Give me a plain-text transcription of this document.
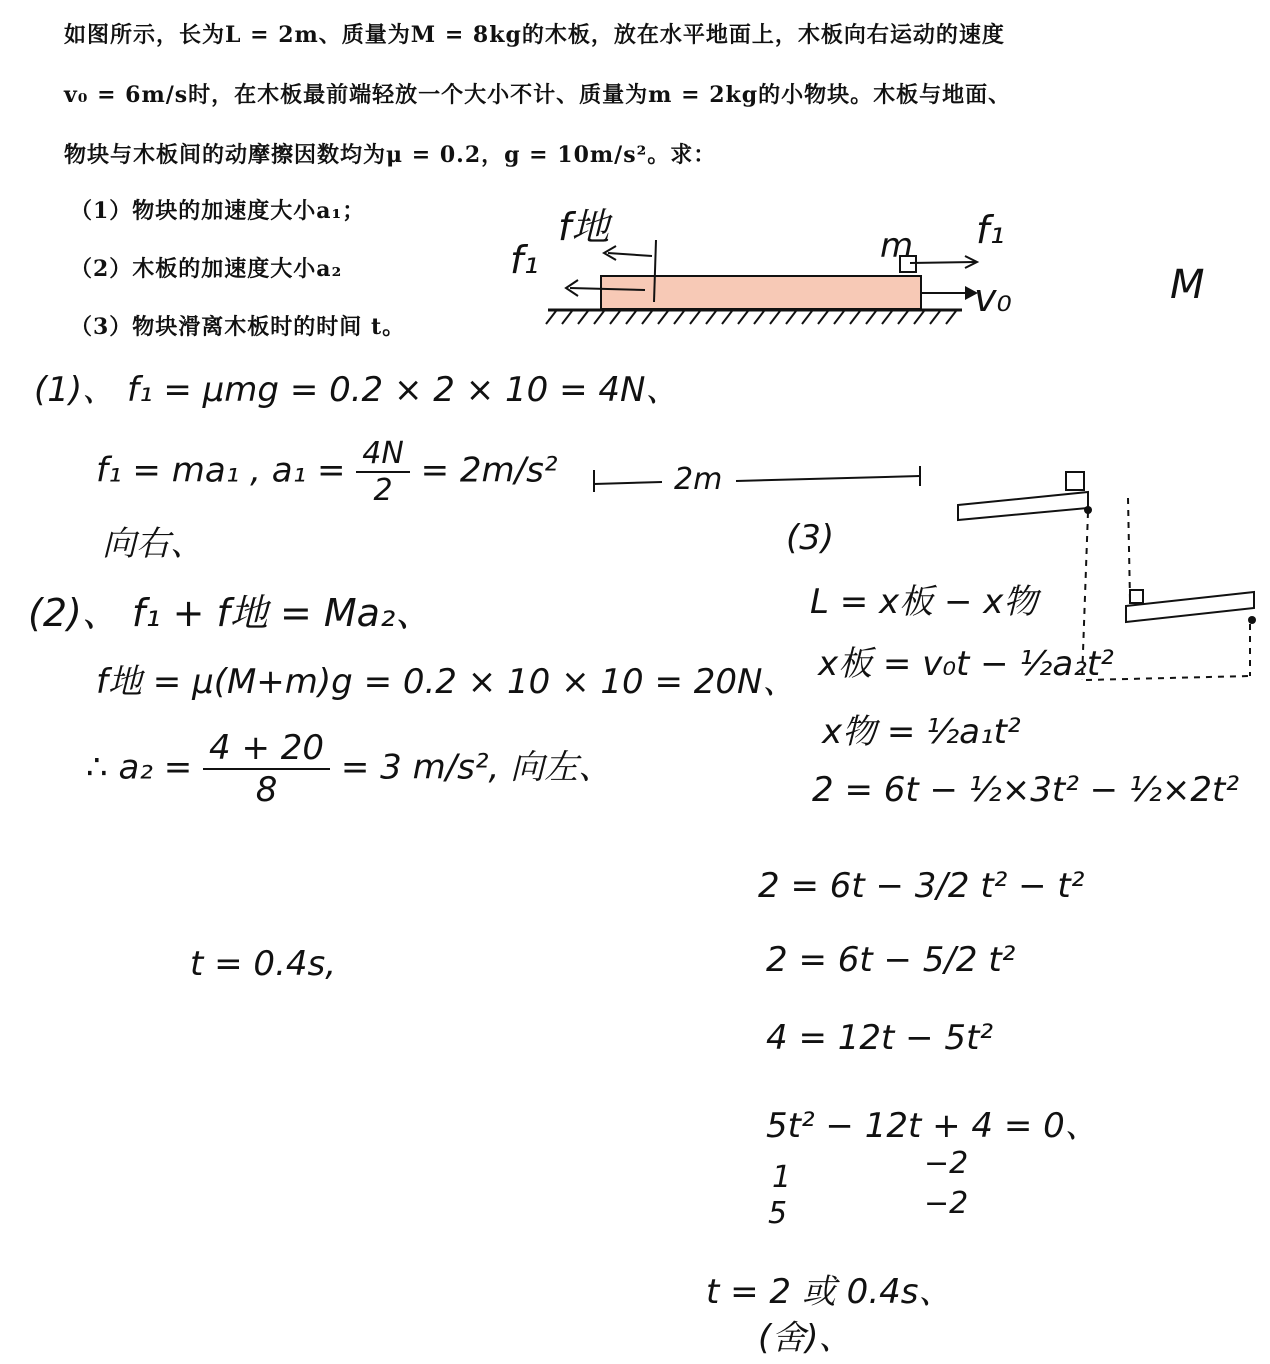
如图所示，长为L = 2m、质量为M = 8kg的木板，放在水平地面上，木板向右运动的速度
v₀ = 6m/s时，在木板最前端轻放一个大小不计、质量为m = 2kg的小物块。木板与地面、
物块与木板间的动摩擦因数均为μ = 0.2，g = 10m/s²。求：
（1）物块的加速度大小a₁；
（2）木板的加速度大小a₂
（3）物块滑离木板时的时间 t。
f地
f₁	m f₁
v₀	M
(1)、 f₁ = μmg = 0.2 × 2 × 10 = 4N、
f₁ = ma₁ , $a_1 = \frac{4N}{2} = 2m/s^2$
向右、
(2)、 f₁ + f地 = Ma₂、
f地 = μ(M+m)g = 0.2 × 10 × 10 = 20N、
∴ $a_2 = \frac{4 + 20}{8} = 3$ m/s², 向左、
t = 0.4s,
2m
(3)
L = x板 − x物
x板 = v₀t − ½a₂t²
x物 = ½a₁t²
2 = 6t − ½×3t² − ½×2t²
2 = 6t − 3/2 t² − t²
2 = 6t − 5/2 t²
4 = 12t − 5t²
5t² − 12t + 4 = 0、
1
5
−2
−2
t = 2 或 0.4s、
(舍)、
